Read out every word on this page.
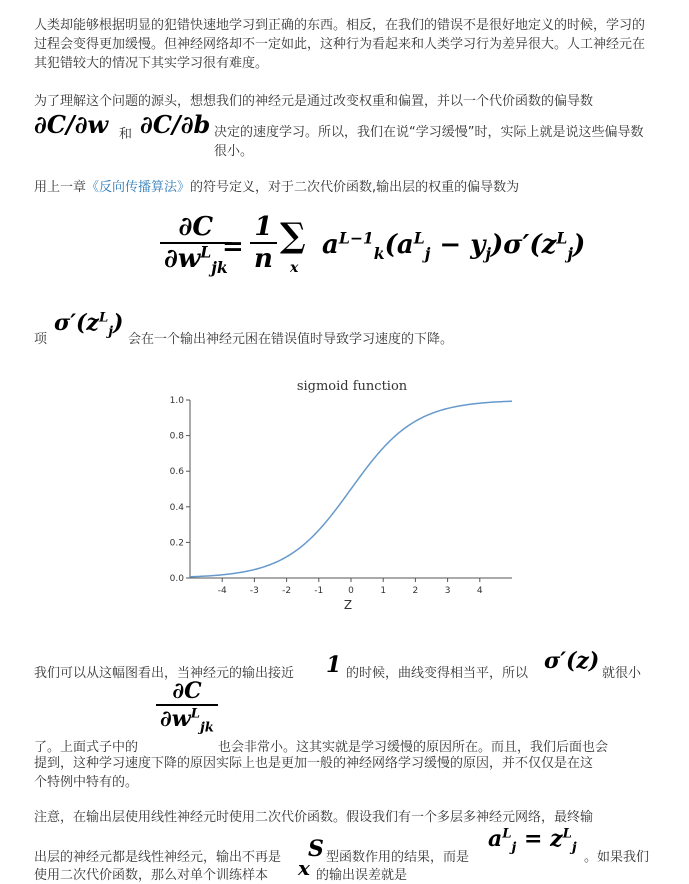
人类却能够根据明显的犯错快速地学习到正确的东西。相反，在我们的错误不是很好地定义的时候，学习的过程会变得更加缓慢。但神经网络却不一定如此，这种行为看起来和人类学习行为差异很大。人工神经元在其犯错较大的情况下其实学习很有难度。
为了理解这个问题的源头，想想我们的神经元是通过改变权重和偏置，并以一个代价函数的偏导数
∂C/∂w 和 ∂C/∂b 决定的速度学习。所以，我们在说“学习缓慢”时，实际上就是说这些偏导数很小。
用上一章《反向传播算法》的符号定义，对于二次代价函数,输出层的权重的偏导数为
∂C
$\partial w^L_{jk}$
= $\frac{1}{n}$ ∑
x
$a^{L-1}_k(a^L_j - y_j)\sigma'(z^L_j)$
项
$\sigma'(z^L_j)$
会在一个输出神经元困在错误值时导致学习速度的下降。
sigmoid function
0.0
0.2
0.4
0.6
0.8
1.0
-4	-3	-2	-1	0	1	2	3	4
Z
我们可以从这幅图看出，当神经元的输出接近 1 的时候，曲线变得相当平，所以 σ′(z) 就很小
了。上面式子中的
∂C
$\partial w^L_{jk}$
也会非常小。这其实就是学习缓慢的原因所在。而且，我们后面也会
提到，这种学习速度下降的原因实际上也是更加一般的神经网络学习缓慢的原因，并不仅仅是在这
个特例中特有的。
注意，在输出层使用线性神经元时使用二次代价函数。假设我们有一个多层多神经元网络，最终输
出层的神经元都是线性神经元，输出不再是 S 型函数作用的结果，而是
$a^L_j = z^L_j$
。如果我们
使用二次代价函数，那么对单个训练样本 x 的输出误差就是
